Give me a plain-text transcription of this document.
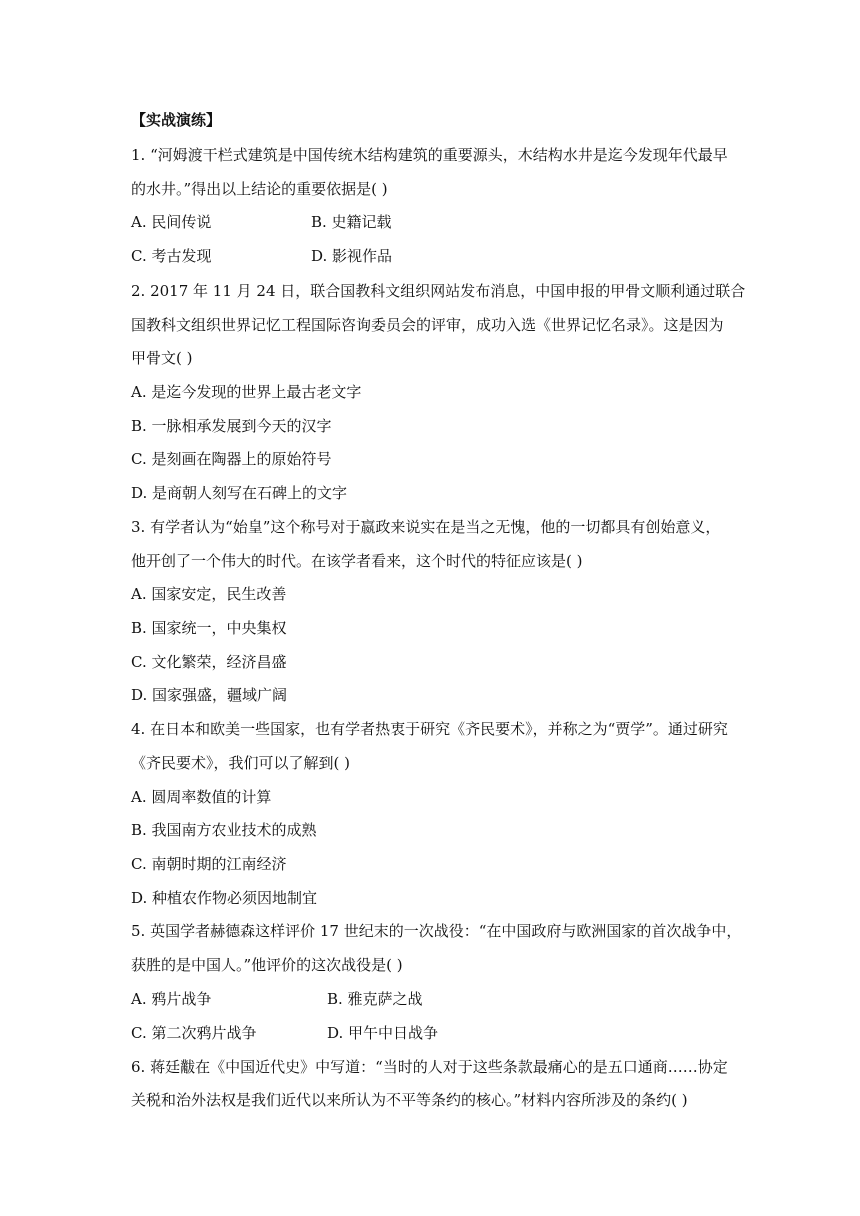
【实战演练】
1. “河姆渡干栏式建筑是中国传统木结构建筑的重要源头，木结构水井是迄今发现年代最早
的水井。”得出以上结论的重要依据是( )
A. 民间传说	B. 史籍记载
C. 考古发现	D. 影视作品
2. 2017 年 11 月 24 日，联合国教科文组织网站发布消息，中国申报的甲骨文顺利通过联合
国教科文组织世界记忆工程国际咨询委员会的评审，成功入选《世界记忆名录》。这是因为
甲骨文( )
A. 是迄今发现的世界上最古老文字
B. 一脉相承发展到今天的汉字
C. 是刻画在陶器上的原始符号
D. 是商朝人刻写在石碑上的文字
3. 有学者认为“始皇”这个称号对于嬴政来说实在是当之无愧，他的一切都具有创始意义，
他开创了一个伟大的时代。在该学者看来，这个时代的特征应该是( )
A. 国家安定，民生改善
B. 国家统一，中央集权
C. 文化繁荣，经济昌盛
D. 国家强盛，疆域广阔
4. 在日本和欧美一些国家，也有学者热衷于研究《齐民要术》，并称之为“贾学”。通过研究
《齐民要术》，我们可以了解到( )
A. 圆周率数值的计算
B. 我国南方农业技术的成熟
C. 南朝时期的江南经济
D. 种植农作物必须因地制宜
5. 英国学者赫德森这样评价 17 世纪末的一次战役：“在中国政府与欧洲国家的首次战争中，
获胜的是中国人。”他评价的这次战役是( )
A. 鸦片战争	B. 雅克萨之战
C. 第二次鸦片战争	D. 甲午中日战争
6. 蒋廷黻在《中国近代史》中写道：“当时的人对于这些条款最痛心的是五口通商……协定
关税和治外法权是我们近代以来所认为不平等条约的核心。”材料内容所涉及的条约( )
